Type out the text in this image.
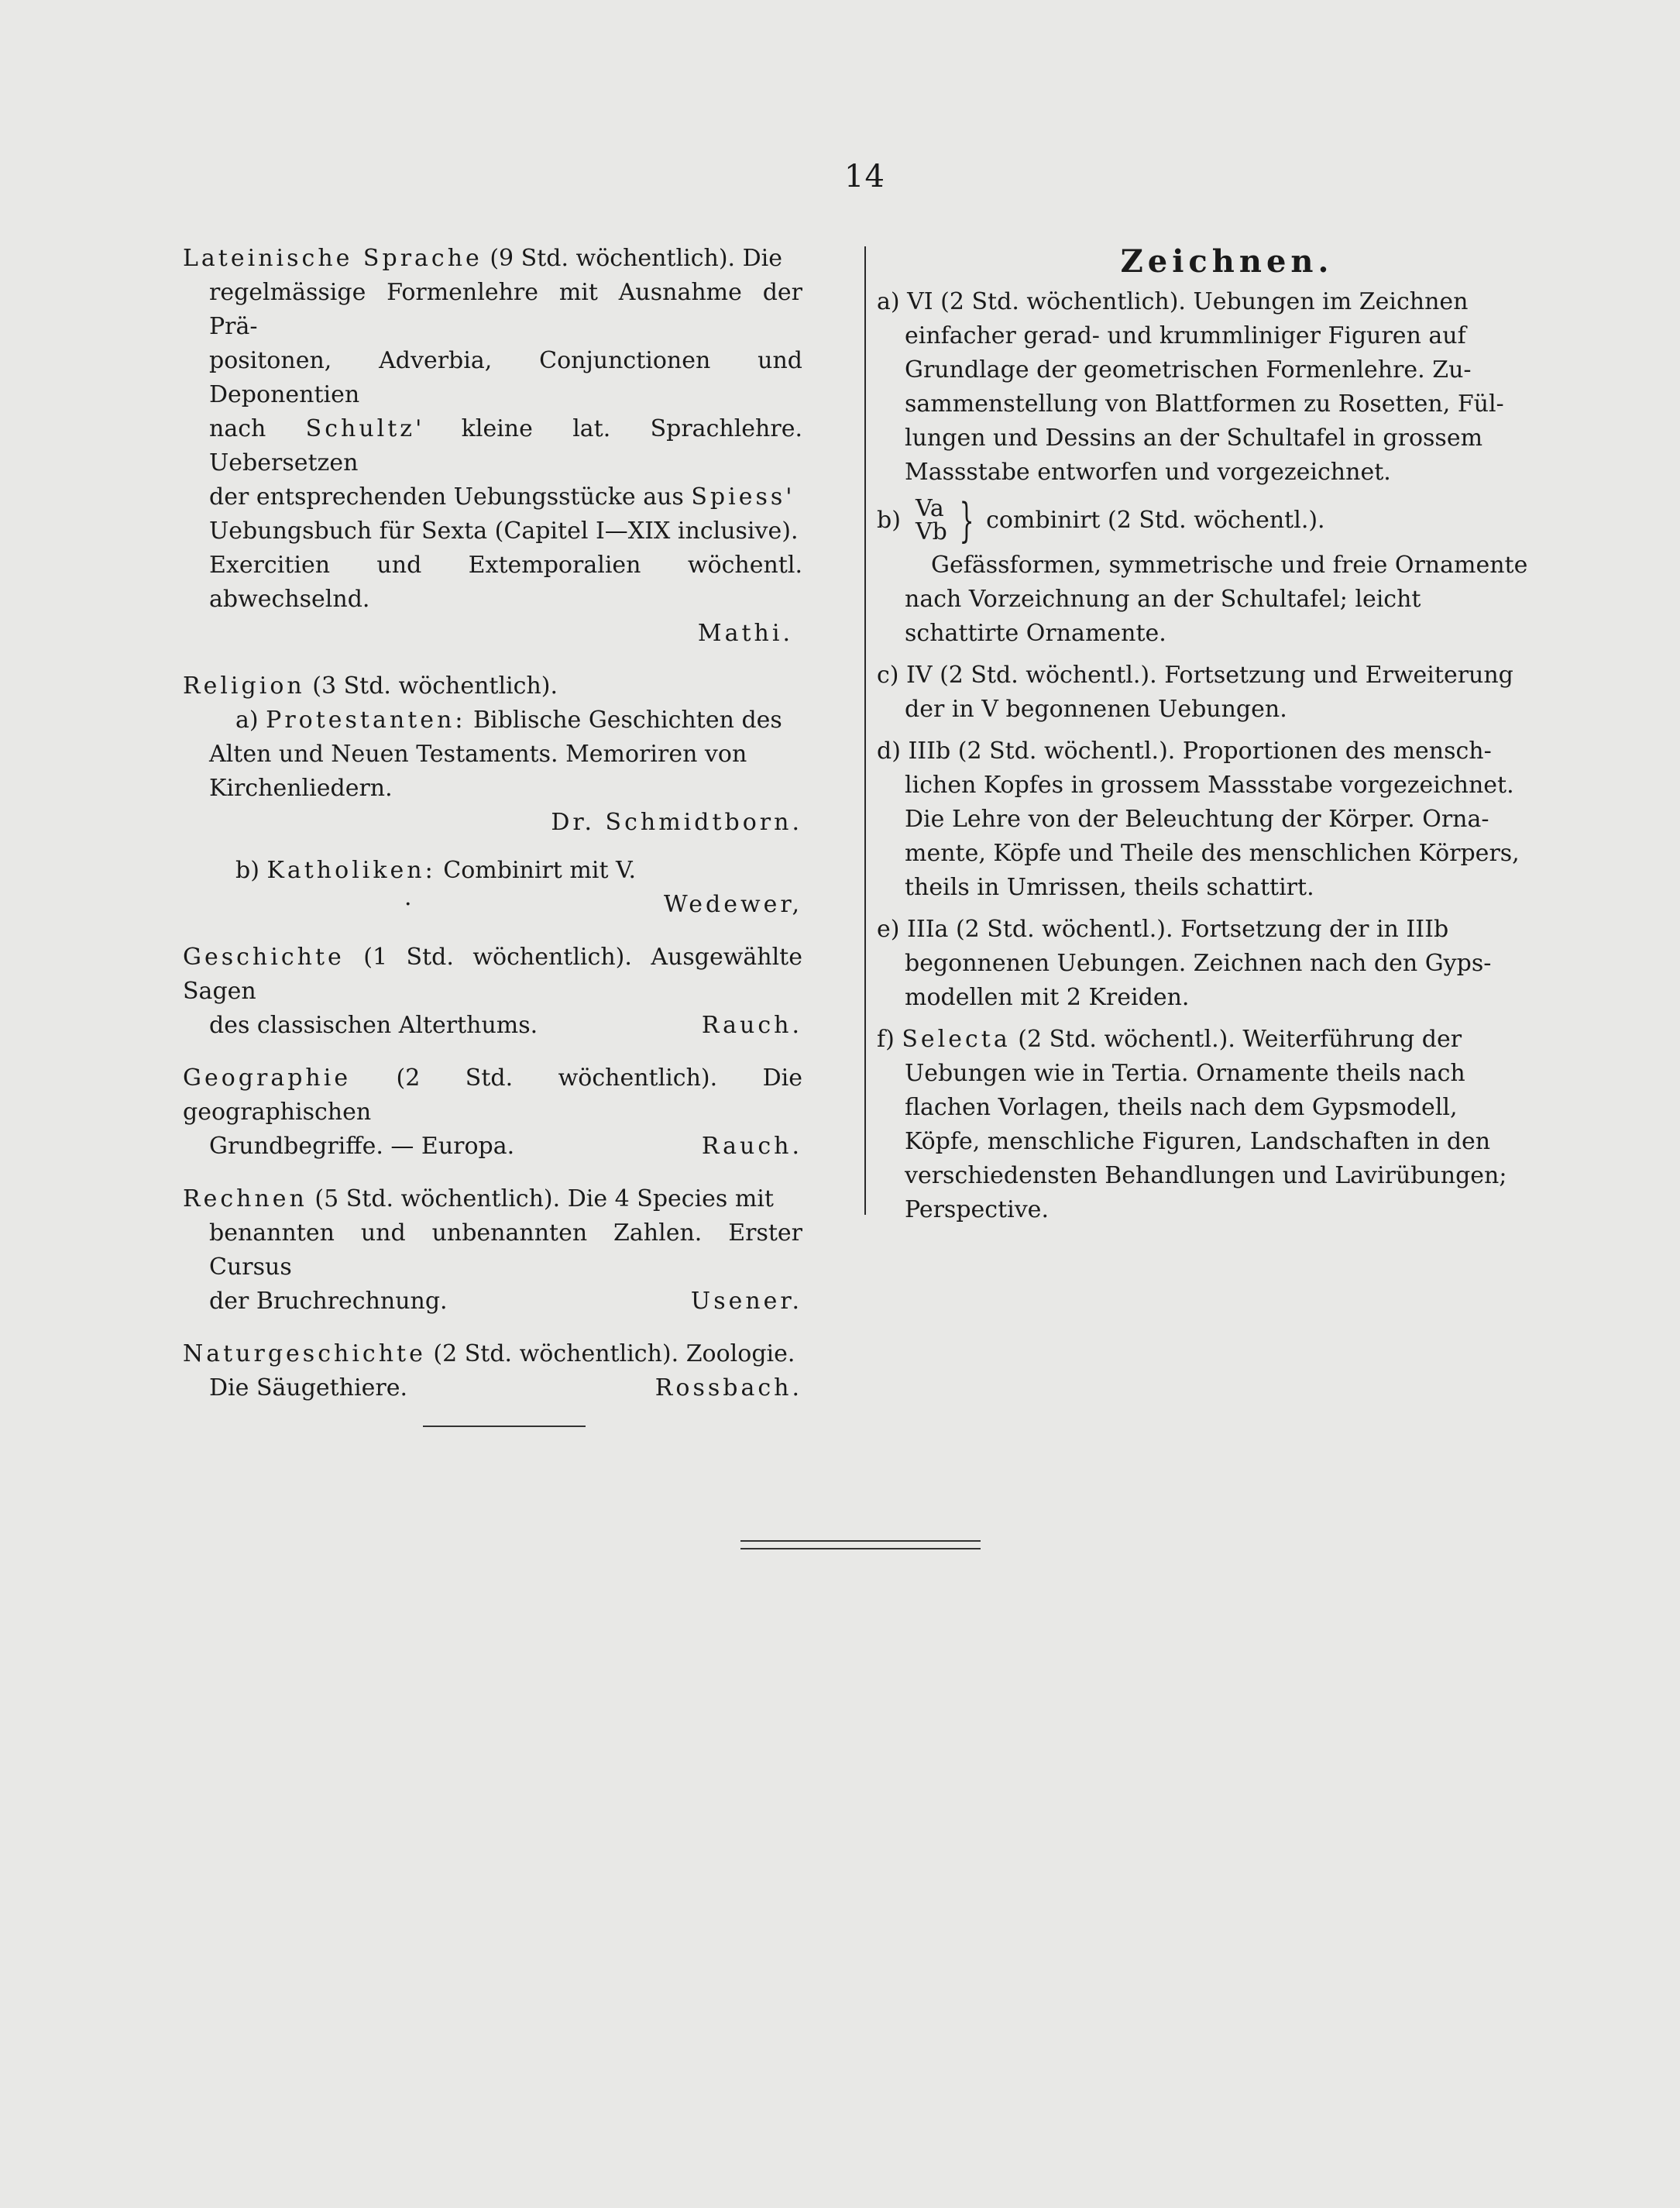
14

Lateinische Sprache (9 Std. wöchentlich). Die

regelmässige Formenlehre mit Ausnahme der Prä-

positonen, Adverbia, Conjunctionen und Deponentien

nach Schultz' kleine lat. Sprachlehre. Uebersetzen

der entsprechenden Uebungsstücke aus Spiess'

Uebungsbuch für Sexta (Capitel I—XIX inclusive).

Exercitien und Extemporalien wöchentl. abwechselnd.

Mathi.

Religion (3 Std. wöchentlich).

a) Protestanten: Biblische Geschichten des

Alten und Neuen Testaments. Memoriren von

Kirchenliedern.

Dr. Schmidtborn.

b) Katholiken: Combinirt mit V.

·	Wedewer,

Geschichte (1 Std. wöchentlich). Ausgewählte Sagen

des classischen Alterthums.	Rauch.

Geographie (2 Std. wöchentlich). Die geographischen

Grundbegriffe. — Europa.	Rauch.

Rechnen (5 Std. wöchentlich). Die 4 Species mit

benannten und unbenannten Zahlen. Erster Cursus

der Bruchrechnung.	Usener.

Naturgeschichte (2 Std. wöchentlich). Zoologie.

Die Säugethiere.	Rossbach.

Zeichnen.

a) VI (2 Std. wöchentlich). Uebungen im Zeichnen

einfacher gerad- und krummliniger Figuren auf

Grundlage der geometrischen Formenlehre. Zu-

sammenstellung von Blattformen zu Rosetten, Fül-

lungen und Dessins an der Schultafel in grossem

Massstabe entworfen und vorgezeichnet.

b) Va
Vb } combinirt (2 Std. wöchentl.).

Gefässformen, symmetrische und freie Ornamente

nach Vorzeichnung an der Schultafel; leicht

schattirte Ornamente.

c) IV (2 Std. wöchentl.). Fortsetzung und Erweiterung

der in V begonnenen Uebungen.

d) IIIb (2 Std. wöchentl.). Proportionen des mensch-

lichen Kopfes in grossem Massstabe vorgezeichnet.

Die Lehre von der Beleuchtung der Körper. Orna-

mente, Köpfe und Theile des menschlichen Körpers,

theils in Umrissen, theils schattirt.

e) IIIa (2 Std. wöchentl.). Fortsetzung der in IIIb

begonnenen Uebungen. Zeichnen nach den Gyps-

modellen mit 2 Kreiden.

f) Selecta (2 Std. wöchentl.). Weiterführung der

Uebungen wie in Tertia. Ornamente theils nach

flachen Vorlagen, theils nach dem Gypsmodell,

Köpfe, menschliche Figuren, Landschaften in den

verschiedensten Behandlungen und Lavirübungen;

Perspective.
